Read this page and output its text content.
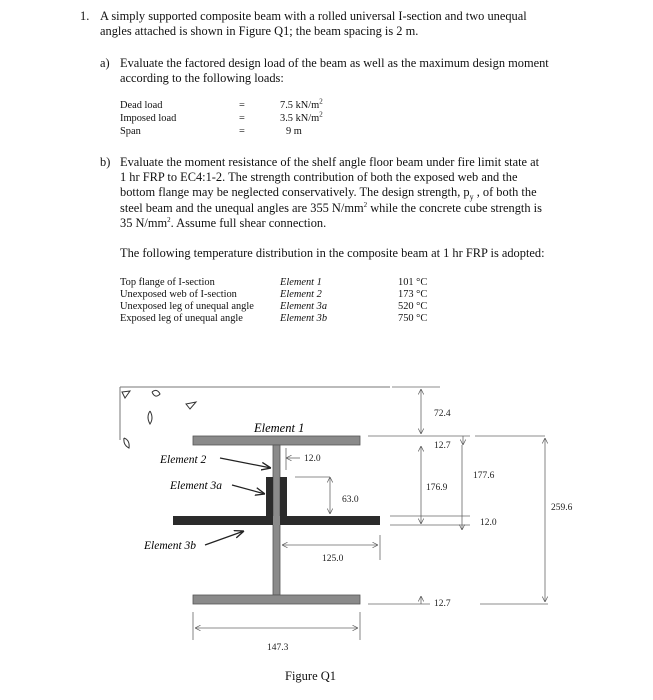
1. A simply supported composite beam with a rolled universal I-section and two unequal
angles attached is shown in Figure Q1; the beam spacing is 2 m.
a) Evaluate the factored design load of the beam as well as the maximum design moment
according to the following loads:
Dead load
Imposed load
Span
=
=
=
7.5 $kN/m^2$
3.5 $kN/m^2$
9 m
b) Evaluate the moment resistance of the shelf angle floor beam under fire limit state at
1 hr FRP to EC4:1-2. The strength contribution of both the exposed web and the
bottom flange may be neglected conservatively. The design strength, $p_y$ , of both the
steel beam and the unequal angles are 355 $N/mm^2$ while the concrete cube strength is
35 $N/mm^2$. Assume full shear connection.
The following temperature distribution in the composite beam at 1 hr FRP is adopted:
Top flange of I-section
Unexposed web of I-section
Unexposed leg of unequal angle
Exposed leg of unequal angle
Element 1
Element 2
Element 3a
Element 3b
101 °C
173 °C
520 °C
750 °C
Element 1
Element 2
Element 3a
Element 3b
72.4
12.7
12.0
63.0
176.9
177.6
12.0
259.6
125.0
12.7
147.3
Figure Q1
